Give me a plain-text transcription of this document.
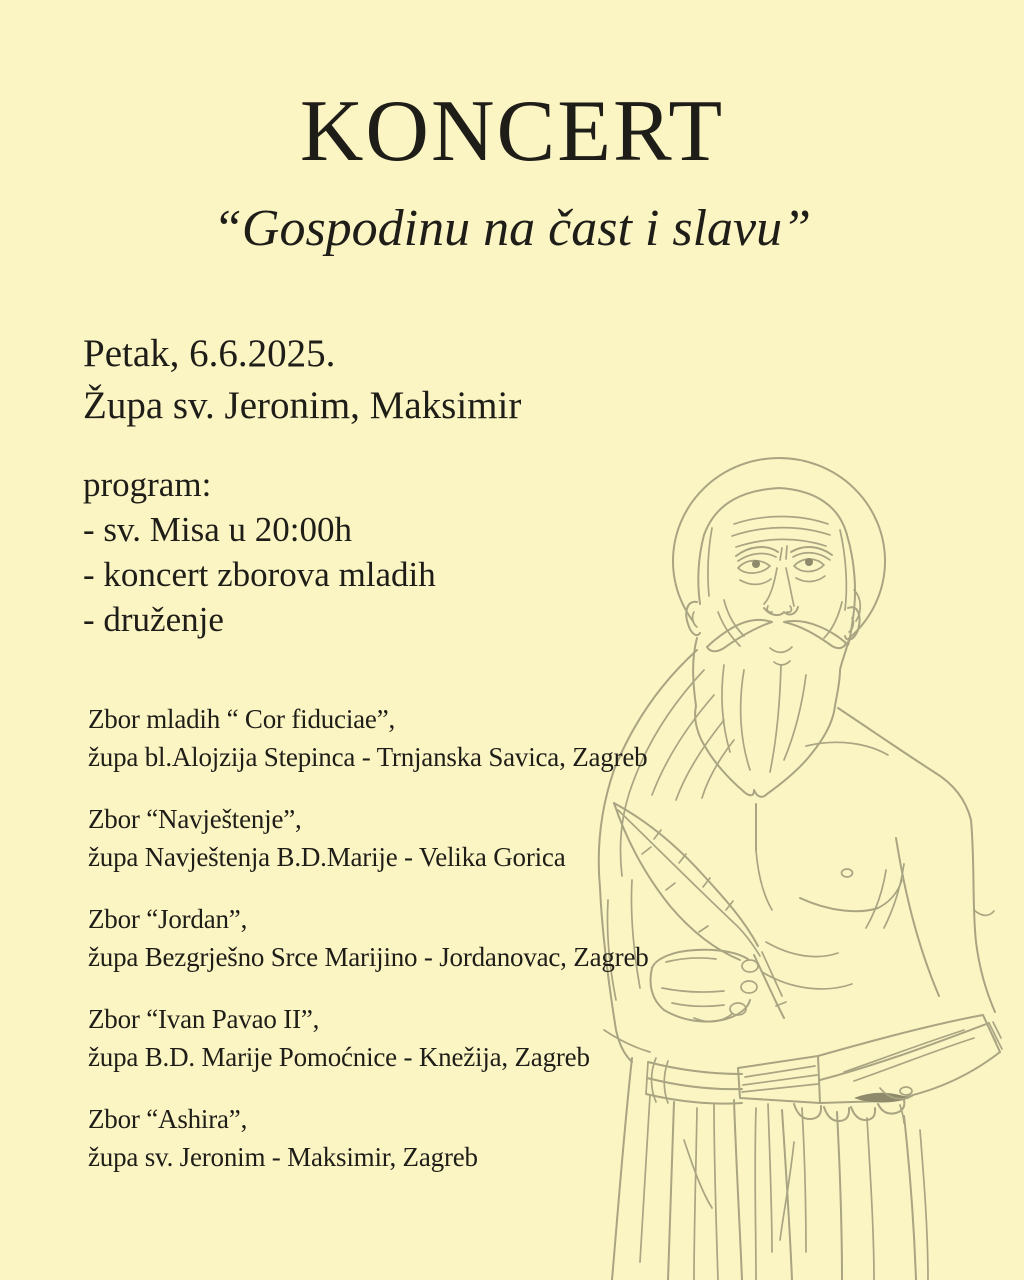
KONCERT
“Gospodinu na čast i slavu”
Petak, 6.6.2025.
Župa sv. Jeronim, Maksimir
program:
- sv. Misa u 20:00h
- koncert zborova mladih
- druženje
Zbor mladih “ Cor fiduciae”,
župa bl.Alojzija Stepinca - Trnjanska Savica, Zagreb
Zbor “Navještenje”,
župa Navještenja B.D.Marije - Velika Gorica
Zbor “Jordan”,
župa Bezgrješno Srce Marijino - Jordanovac, Zagreb
Zbor “Ivan Pavao II”,
župa B.D. Marije Pomoćnice - Knežija, Zagreb
Zbor “Ashira”,
župa sv. Jeronim - Maksimir, Zagreb
